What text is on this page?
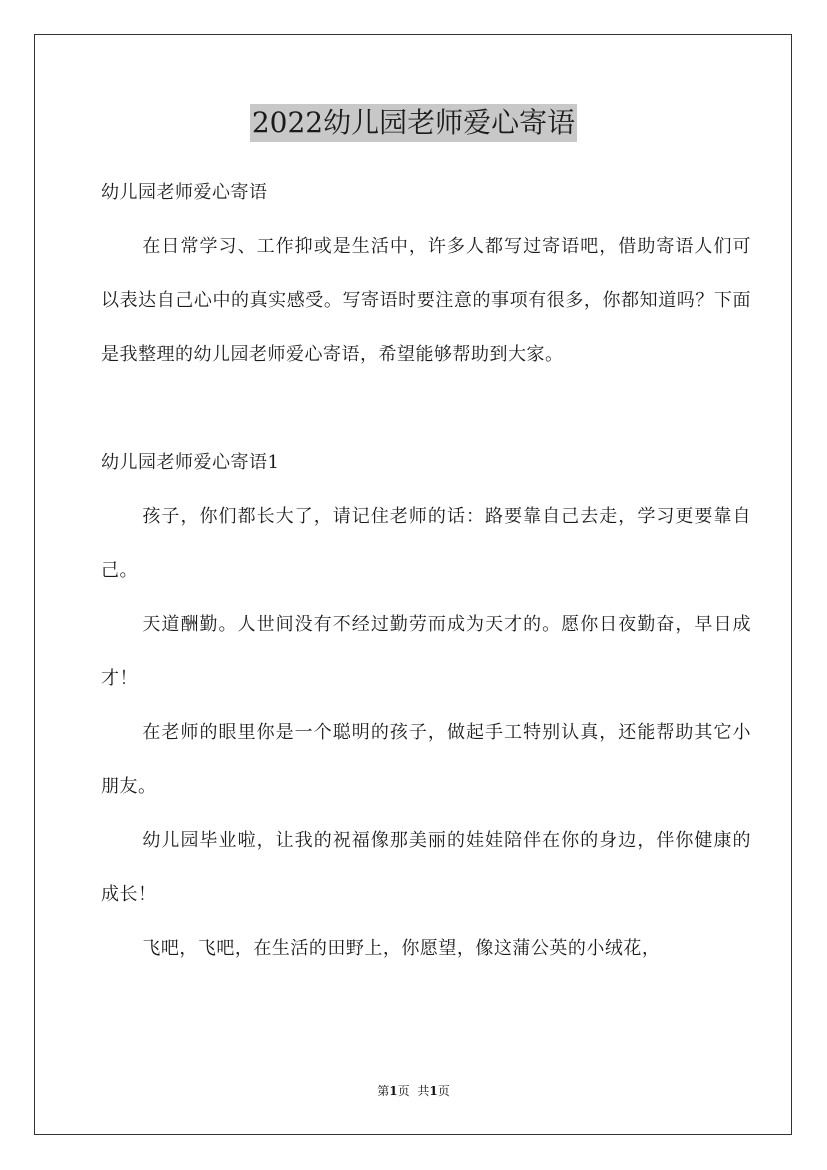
2022幼儿园老师爱心寄语

幼儿园老师爱心寄语

在日常学习、工作抑或是生活中，许多人都写过寄语吧，借助寄语人们可以表达自己心中的真实感受。写寄语时要注意的事项有很多，你都知道吗？下面是我整理的幼儿园老师爱心寄语，希望能够帮助到大家。

幼儿园老师爱心寄语1

孩子，你们都长大了，请记住老师的话：路要靠自己去走，学习更要靠自己。

天道酬勤。人世间没有不经过勤劳而成为天才的。愿你日夜勤奋，早日成才！

在老师的眼里你是一个聪明的孩子，做起手工特别认真，还能帮助其它小朋友。

幼儿园毕业啦，让我的祝福像那美丽的娃娃陪伴在你的身边，伴你健康的成长！

飞吧，飞吧，在生活的田野上，你愿望，像这蒲公英的小绒花，

第1页 共1页
